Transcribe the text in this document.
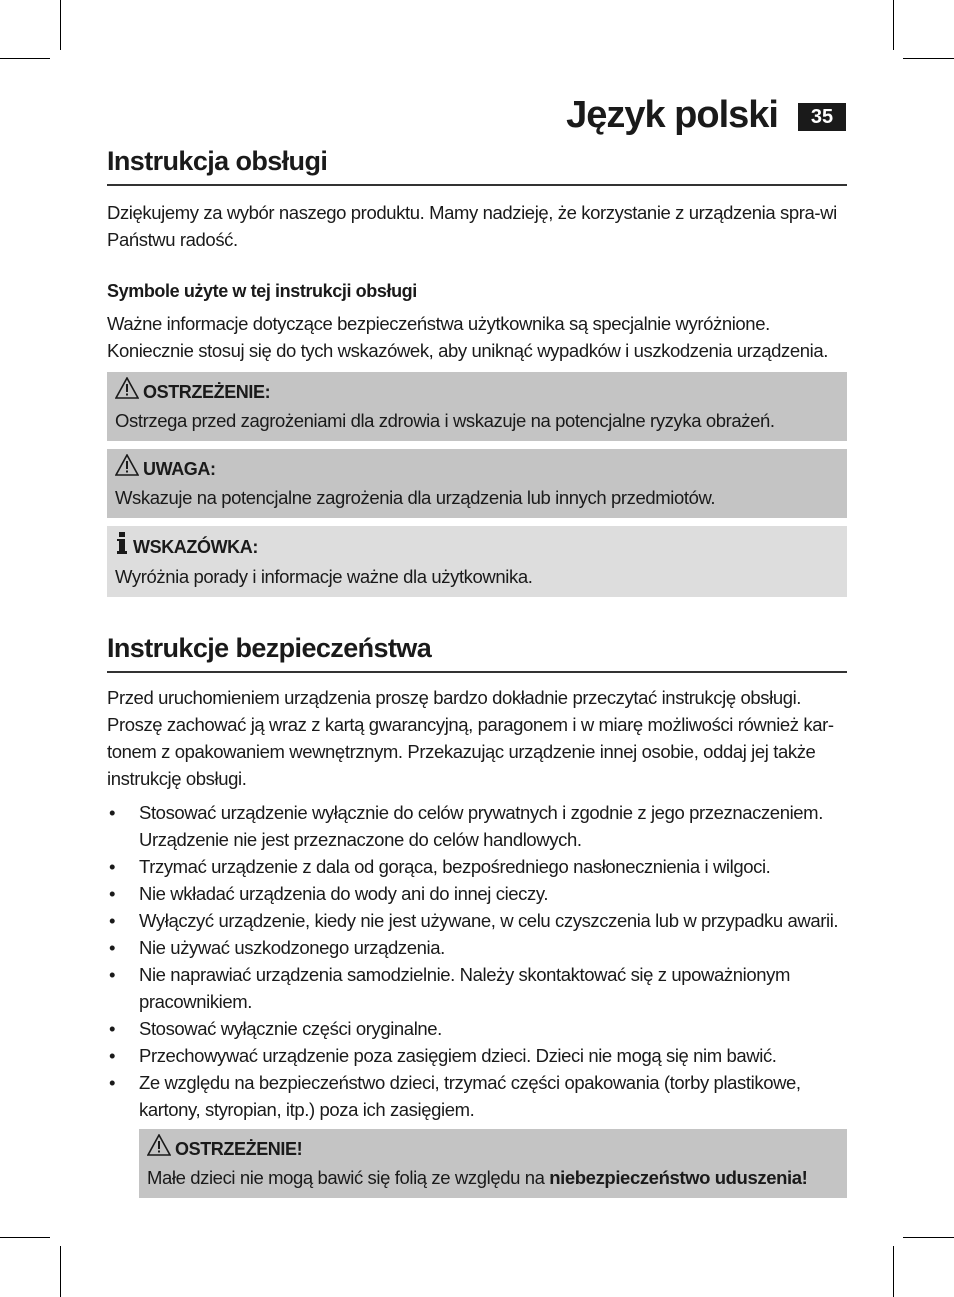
Język polski	35
Instrukcja obsługi

Dziękujemy za wybór naszego produktu. Mamy nadzieję, że korzystanie z urządzenia spra-wi Państwu radość.

Symbole użyte w tej instrukcji obsługi

Ważne informacje dotyczące bezpieczeństwa użytkownika są specjalnie wyróżnione. Koniecznie stosuj się do tych wskazówek, aby uniknąć wypadków i uszkodzenia urządzenia.

OSTRZEŻENIE:
Ostrzega przed zagrożeniami dla zdrowia i wskazuje na potencjalne ryzyka obrażeń.
UWAGA:
Wskazuje na potencjalne zagrożenia dla urządzenia lub innych przedmiotów.
WSKAZÓWKA:
Wyróżnia porady i informacje ważne dla użytkownika.
Instrukcje bezpieczeństwa

Przed uruchomieniem urządzenia proszę bardzo dokładnie przeczytać instrukcję obsługi. Proszę zachować ją wraz z kartą gwarancyjną, paragonem i w miarę możliwości również kar-tonem z opakowaniem wewnętrznym. Przekazując urządzenie innej osobie, oddaj jej także instrukcję obsługi.

• Stosować urządzenie wyłącznie do celów prywatnych i zgodnie z jego przeznaczeniem. Urządzenie nie jest przeznaczone do celów handlowych.
• Trzymać urządzenie z dala od gorąca, bezpośredniego nasłonecznienia i wilgoci.
• Nie wkładać urządzenia do wody ani do innej cieczy.
• Wyłączyć urządzenie, kiedy nie jest używane, w celu czyszczenia lub w przypadku awarii.
• Nie używać uszkodzonego urządzenia.
• Nie naprawiać urządzenia samodzielnie. Należy skontaktować się z upoważnionym pracownikiem.
• Stosować wyłącznie części oryginalne.
• Przechowywać urządzenie poza zasięgiem dzieci. Dzieci nie mogą się nim bawić.
• Ze względu na bezpieczeństwo dzieci, trzymać części opakowania (torby plastikowe, kartony, styropian, itp.) poza ich zasięgiem.
OSTRZEŻENIE!
Małe dzieci nie mogą bawić się folią ze względu na niebezpieczeństwo uduszenia!
